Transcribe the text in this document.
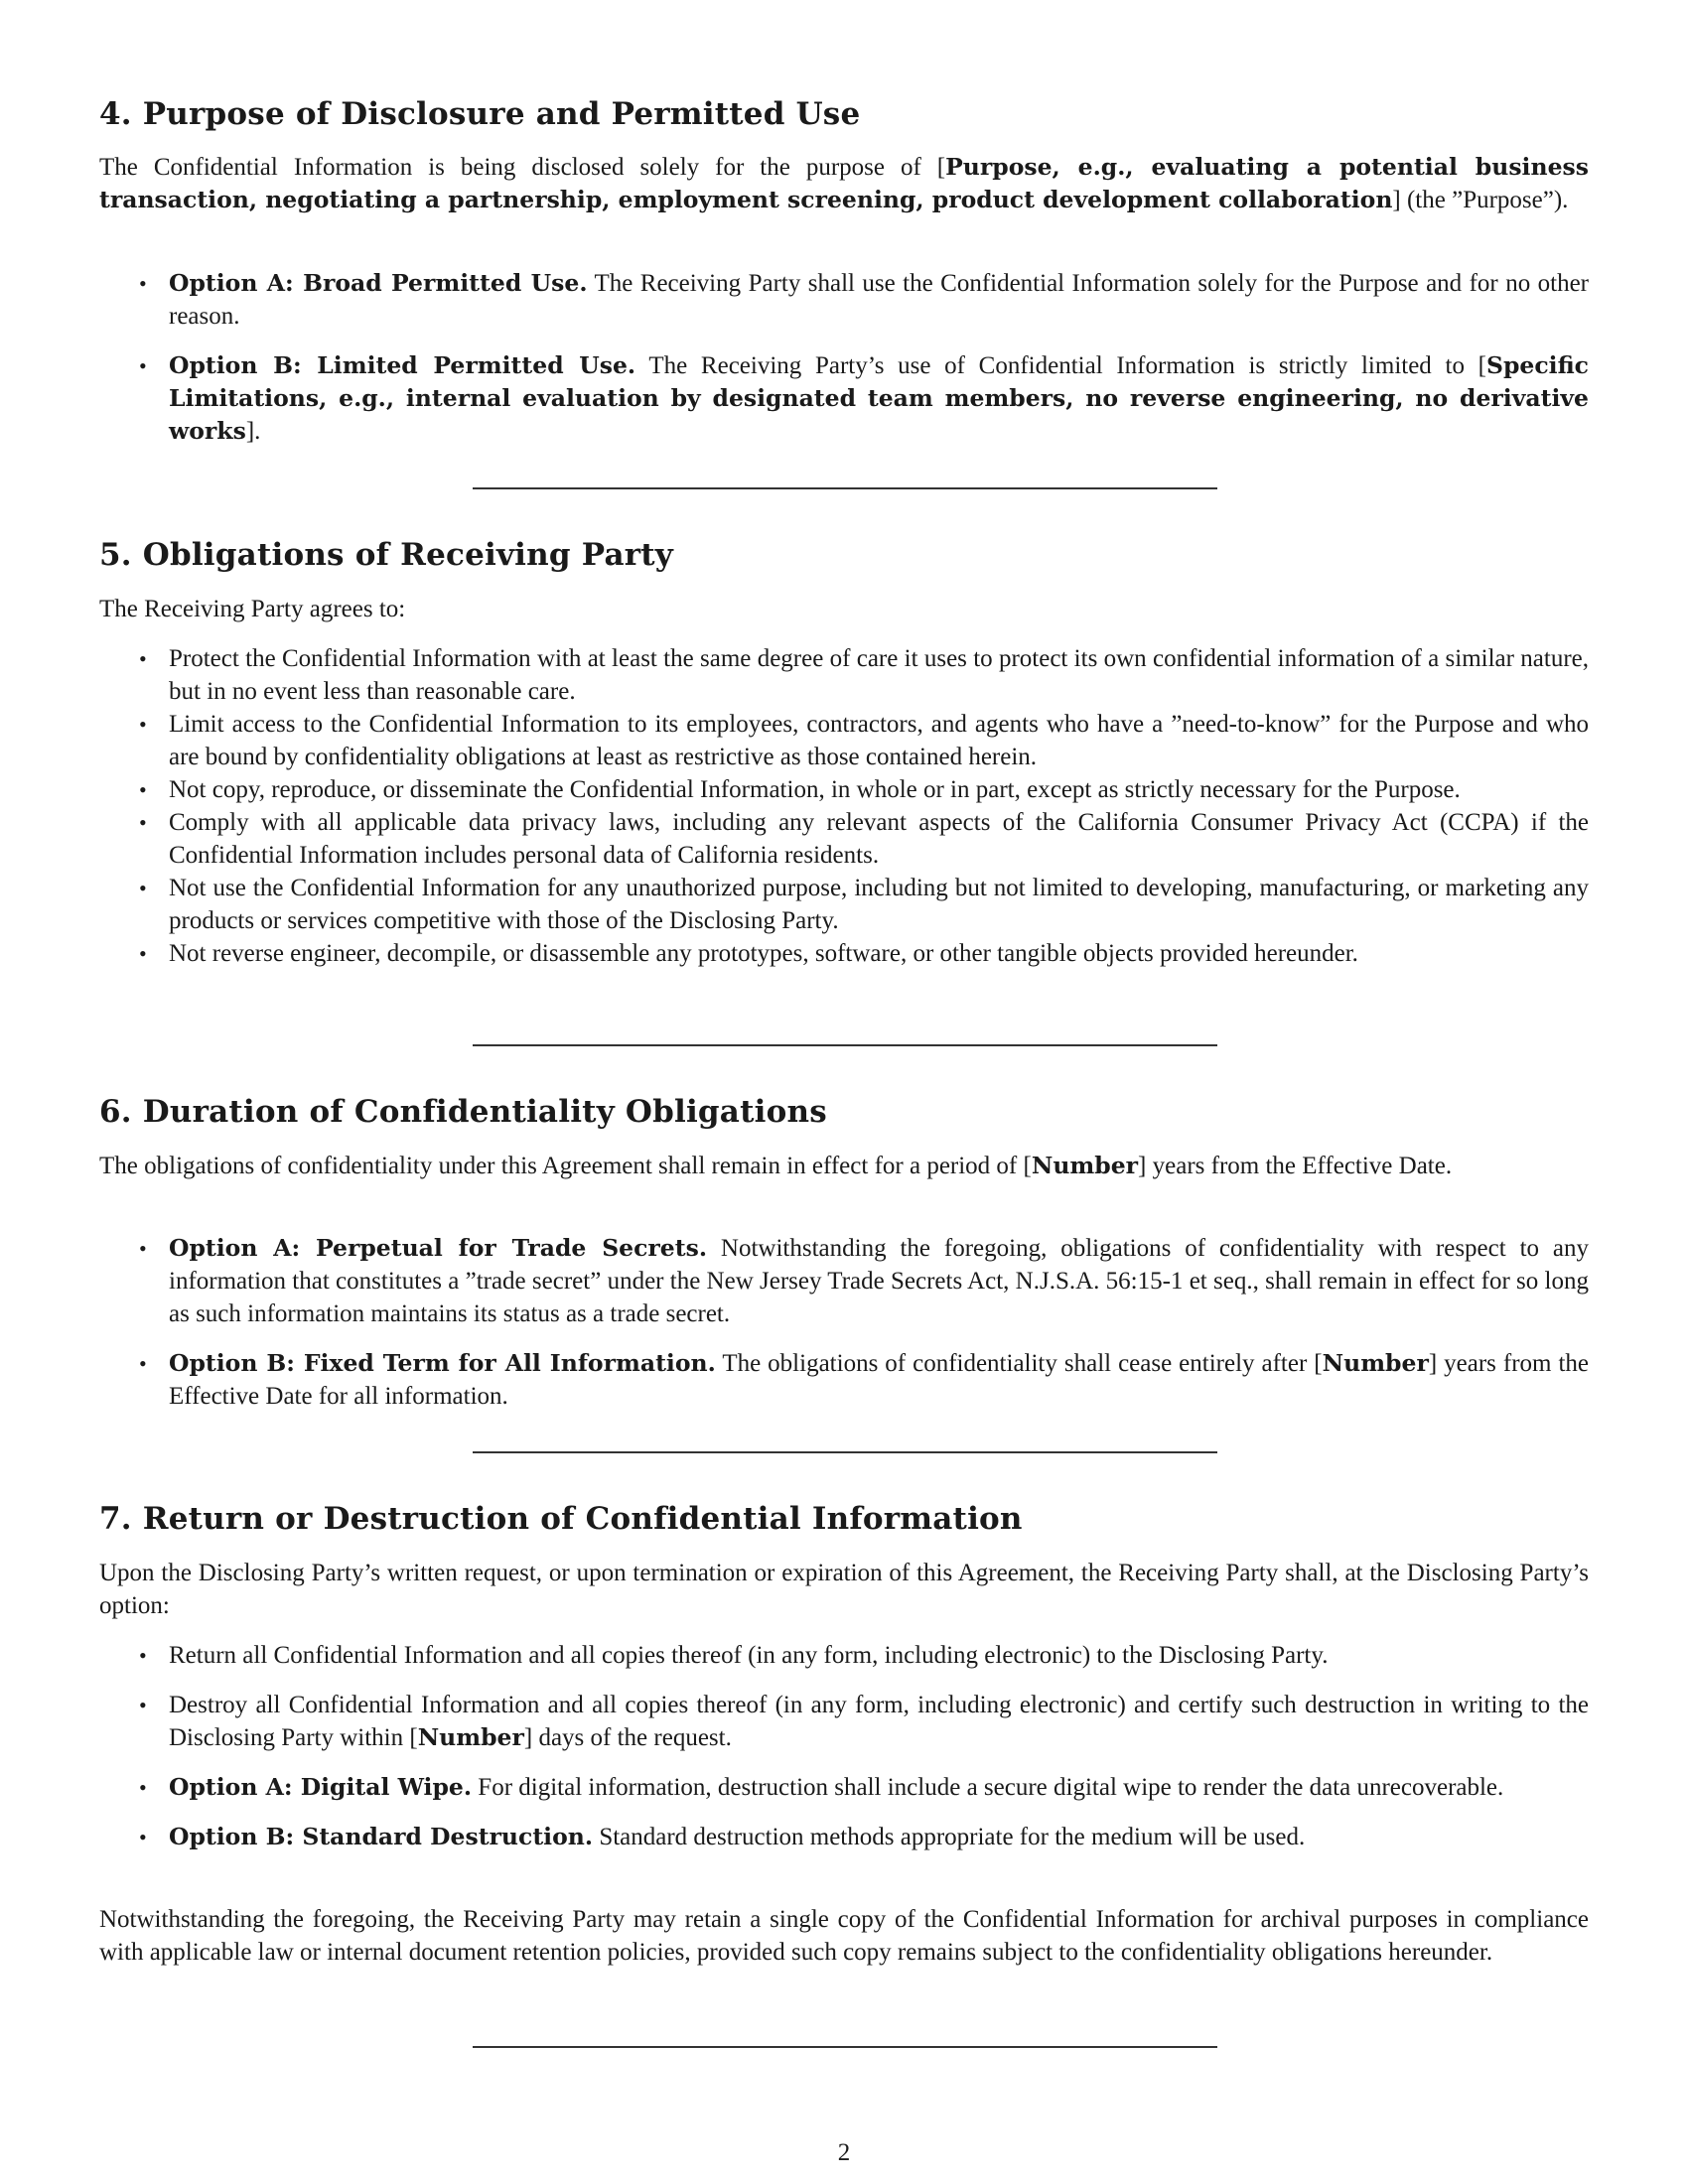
4. Purpose of Disclosure and Permitted Use
The Confidential Information is being disclosed solely for the purpose of [Purpose, e.g., evaluating a potential business transaction, negotiating a partnership, employment screening, product development collaboration] (the ”Purpose”).
• Option A: Broad Permitted Use. The Receiving Party shall use the Confidential Information solely for the Purpose and for no other reason.
• Option B: Limited Permitted Use. The Receiving Party’s use of Confidential Information is strictly limited to [Specific Limitations, e.g., internal evaluation by designated team members, no reverse engineering, no derivative works].
5. Obligations of Receiving Party
The Receiving Party agrees to:
• Protect the Confidential Information with at least the same degree of care it uses to protect its own confidential information of a similar nature, but in no event less than reasonable care.
• Limit access to the Confidential Information to its employees, contractors, and agents who have a ”need-to-know” for the Purpose and who are bound by confidentiality obligations at least as restrictive as those contained herein.
• Not copy, reproduce, or disseminate the Confidential Information, in whole or in part, except as strictly necessary for the Purpose.
• Comply with all applicable data privacy laws, including any relevant aspects of the California Consumer Privacy Act (CCPA) if the Confidential Information includes personal data of California residents.
• Not use the Confidential Information for any unauthorized purpose, including but not limited to developing, manufacturing, or marketing any products or services competitive with those of the Disclosing Party.
• Not reverse engineer, decompile, or disassemble any prototypes, software, or other tangible objects provided hereunder.
6. Duration of Confidentiality Obligations
The obligations of confidentiality under this Agreement shall remain in effect for a period of [Number] years from the Effective Date.
• Option A: Perpetual for Trade Secrets. Notwithstanding the foregoing, obligations of confidentiality with respect to any information that constitutes a ”trade secret” under the New Jersey Trade Secrets Act, N.J.S.A. 56:15-1 et seq., shall remain in effect for so long as such information maintains its status as a trade secret.
• Option B: Fixed Term for All Information. The obligations of confidentiality shall cease entirely after [Number] years from the Effective Date for all information.
7. Return or Destruction of Confidential Information
Upon the Disclosing Party’s written request, or upon termination or expiration of this Agreement, the Receiving Party shall, at the Disclosing Party’s option:
• Return all Confidential Information and all copies thereof (in any form, including electronic) to the Disclosing Party.
• Destroy all Confidential Information and all copies thereof (in any form, including electronic) and certify such destruction in writing to the Disclosing Party within [Number] days of the request.
• Option A: Digital Wipe. For digital information, destruction shall include a secure digital wipe to render the data unrecoverable.
• Option B: Standard Destruction. Standard destruction methods appropriate for the medium will be used.
Notwithstanding the foregoing, the Receiving Party may retain a single copy of the Confidential Information for archival purposes in compliance with applicable law or internal document retention policies, provided such copy remains subject to the confidentiality obligations hereunder.
2
